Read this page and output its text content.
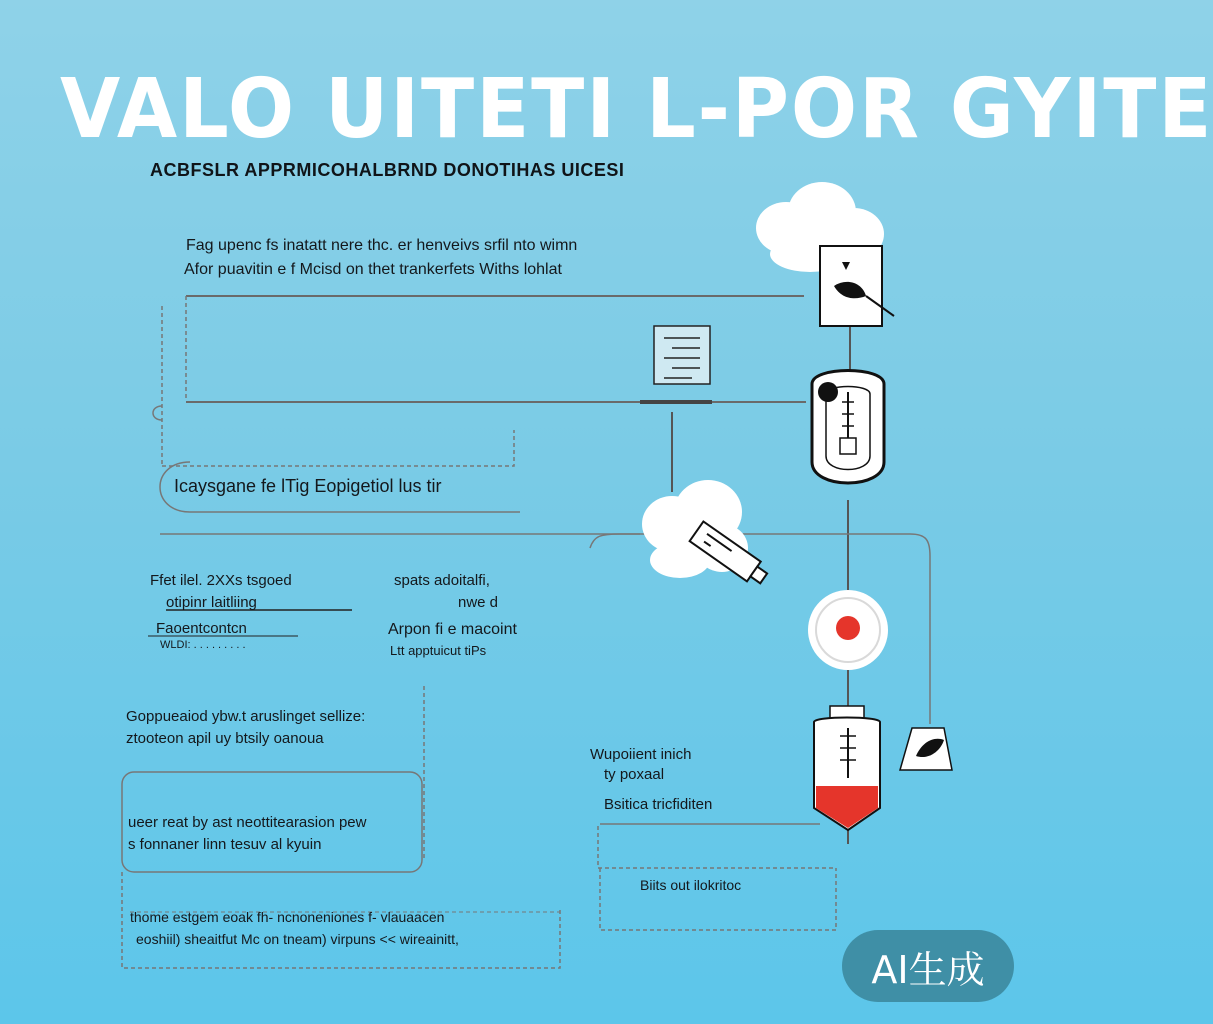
VALO UITETI L-POR GYITE
ACBFSLR APPRMICOHALBRND DONOTIHAS UICESI
Fag upenc fs inatatt nere thc. er henveivs srfil nto wimn
Afor puavitin e f Mcisd on thet trankerfets Withs lohlat
Icaysgane fe lTig Eopigetiol lus tir
Ffet ilel. 2XXs tsgoed
otipinr laitliing
spats adoitalfi,
nwe d
Faoentcontcn
WLDI: . . . . . . . . .
Arpon fi e macoint
Ltt apptuicut tiPs
Goppueaiod ybw.t aruslinget sellize:
ztooteon apil uy btsily oanoua
ueer reat by ast neottitearasion pew
s fonnaner linn tesuv al kyuin
thome estgem eoak fh- ncnoneniones f- vlauaacen
eoshiil) sheaitfut Mc on tneam) virpuns << wireainitt,
Wupoiient inich
ty poxaal
Bsitica tricfiditen
Biits out ilokritoc
AI生成
